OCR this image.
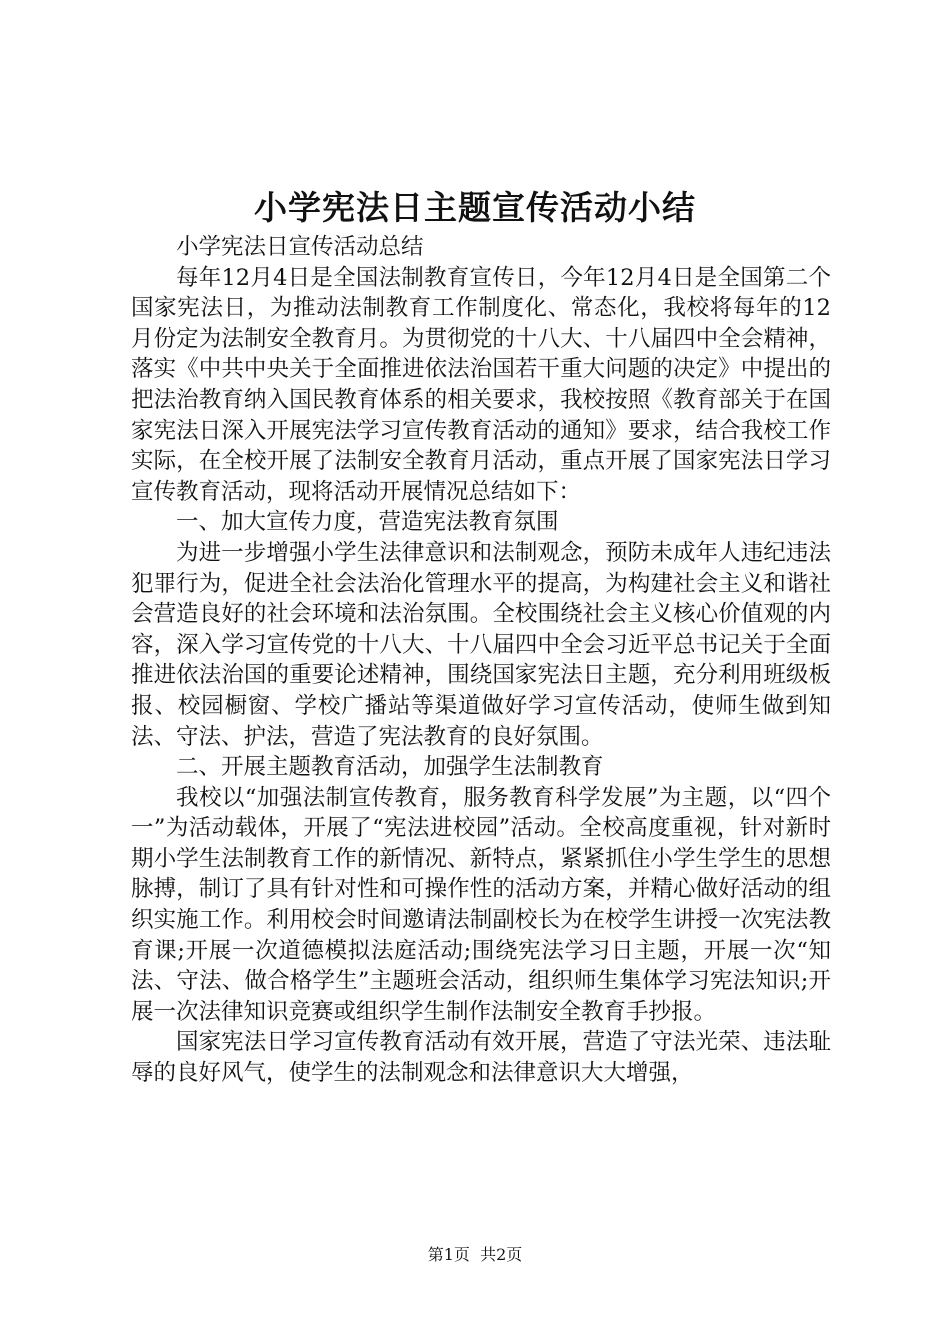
小学宪法日主题宣传活动小结

小学宪法日宣传活动总结

每年12月4日是全国法制教育宣传日，今年12月4日是全国第二个国家宪法日，为推动法制教育工作制度化、常态化，我校将每年的12月份定为法制安全教育月。为贯彻党的十八大、十八届四中全会精神，落实《中共中央关于全面推进依法治国若干重大问题的决定》中提出的把法治教育纳入国民教育体系的相关要求，我校按照《教育部关于在国家宪法日深入开展宪法学习宣传教育活动的通知》要求，结合我校工作实际，在全校开展了法制安全教育月活动，重点开展了国家宪法日学习宣传教育活动，现将活动开展情况总结如下：

一、加大宣传力度，营造宪法教育氛围

为进一步增强小学生法律意识和法制观念，预防未成年人违纪违法犯罪行为，促进全社会法治化管理水平的提高，为构建社会主义和谐社会营造良好的社会环境和法治氛围。全校围绕社会主义核心价值观的内容，深入学习宣传党的十八大、十八届四中全会习近平总书记关于全面推进依法治国的重要论述精神，围绕国家宪法日主题，充分利用班级板报、校园橱窗、学校广播站等渠道做好学习宣传活动，使师生做到知法、守法、护法，营造了宪法教育的良好氛围。

二、开展主题教育活动，加强学生法制教育

我校以“加强法制宣传教育，服务教育科学发展”为主题，以“四个一”为活动载体，开展了“宪法进校园”活动。全校高度重视，针对新时期小学生法制教育工作的新情况、新特点，紧紧抓住小学生学生的思想脉搏，制订了具有针对性和可操作性的活动方案，并精心做好活动的组织实施工作。利用校会时间邀请法制副校长为在校学生讲授一次宪法教育课;开展一次道德模拟法庭活动;围绕宪法学习日主题，开展一次“知法、守法、做合格学生”主题班会活动，组织师生集体学习宪法知识;开展一次法律知识竞赛或组织学生制作法制安全教育手抄报。

国家宪法日学习宣传教育活动有效开展，营造了守法光荣、违法耻辱的良好风气，使学生的法制观念和法律意识大大增强，

第1页  共2页
